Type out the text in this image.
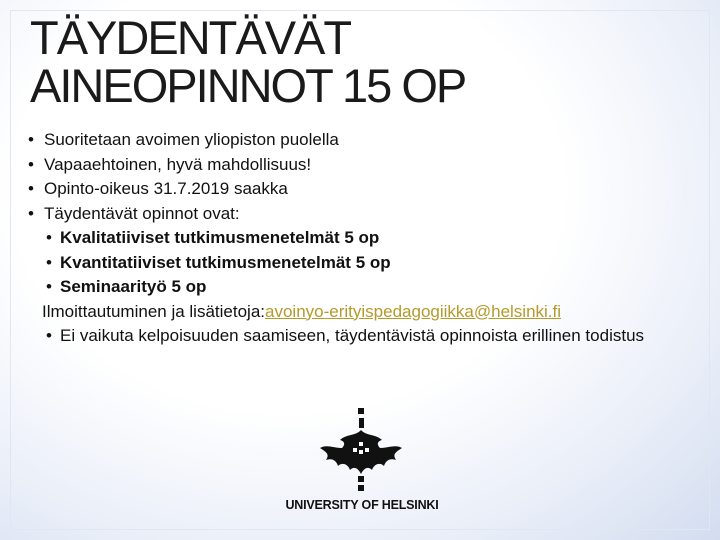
TÄYDENTÄVÄT
AINEOPINNOT 15 OP
• Suoritetaan avoimen yliopiston puolella
• Vapaaehtoinen, hyvä mahdollisuus!
• Opinto-oikeus 31.7.2019 saakka
• Täydentävät opinnot ovat:
• Kvalitatiiviset tutkimusmenetelmät 5 op
• Kvantitatiiviset tutkimusmenetelmät 5 op
• Seminaarityö 5 op
Ilmoittautuminen ja lisätietoja: avoinyo-erityispedagogiikka@helsinki.fi
• Ei vaikuta kelpoisuuden saamiseen, täydentävistä opinnoista erillinen todistus
UNIVERSITY OF HELSINKI
